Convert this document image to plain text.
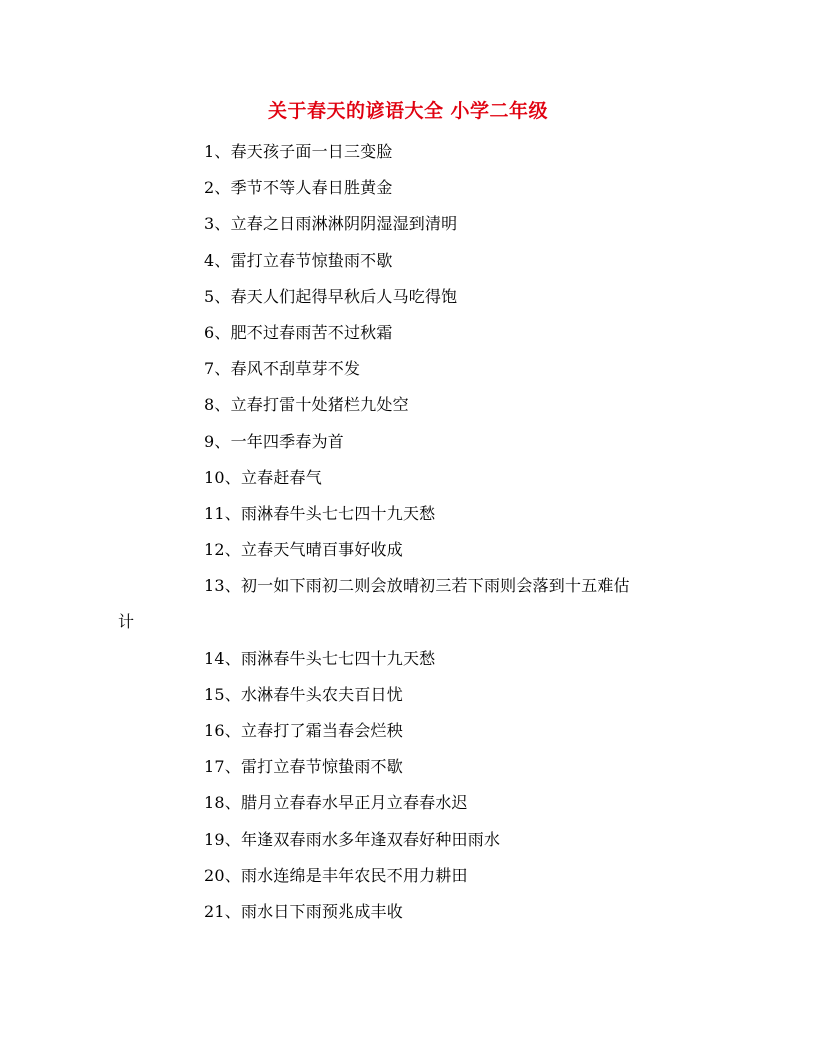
关于春天的谚语大全 小学二年级
1、春天孩子面一日三变脸
2、季节不等人春日胜黄金
3、立春之日雨淋淋阴阴湿湿到清明
4、雷打立春节惊蛰雨不歇
5、春天人们起得早秋后人马吃得饱
6、肥不过春雨苦不过秋霜
7、春风不刮草芽不发
8、立春打雷十处猪栏九处空
9、一年四季春为首
10、立春赶春气
11、雨淋春牛头七七四十九天愁
12、立春天气晴百事好收成
13、初一如下雨初二则会放晴初三若下雨则会落到十五难估
计
14、雨淋春牛头七七四十九天愁
15、水淋春牛头农夫百日忧
16、立春打了霜当春会烂秧
17、雷打立春节惊蛰雨不歇
18、腊月立春春水早正月立春春水迟
19、年逢双春雨水多年逢双春好种田雨水
20、雨水连绵是丰年农民不用力耕田
21、雨水日下雨预兆成丰收
